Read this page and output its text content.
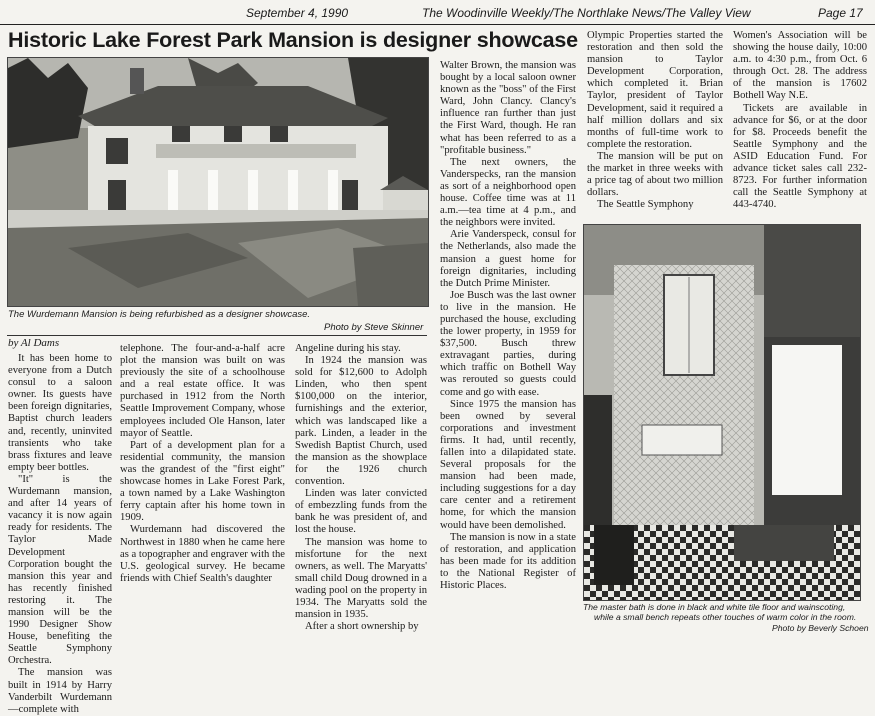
September 4, 1990	The Woodinville Weekly/The Northlake News/The Valley View	Page 17
Historic Lake Forest Park Mansion is designer showcase
The Wurdemann Mansion is being refurbished as a designer showcase.
Photo by Steve Skinner
by Al Dams

It has been home to everyone from a Dutch consul to a saloon owner. Its guests have been foreign dignitaries, Baptist church leaders and, recently, uninvited transients who take brass fixtures and leave empty beer bottles.

"It" is the Wurdemann mansion, and after 14 years of vacancy it is now again ready for residents. The Taylor Made Development Corporation bought the mansion this year and has recently finished restoring it. The mansion will be the 1990 Designer Show House, benefiting the Seattle Symphony Orchestra.

The mansion was built in 1914 by Harry Vanderbilt Wurdemann—complete with

telephone. The four-and-a-half acre plot the mansion was built on was previously the site of a schoolhouse and a real estate office. It was purchased in 1912 from the North Seattle Improvement Company, whose employees included Ole Hanson, later mayor of Seattle.

Part of a development plan for a residential community, the mansion was the grandest of the "first eight" showcase homes in Lake Forest Park, a town named by a Lake Washington ferry captain after his home town in 1909.

Wurdemann had discovered the Northwest in 1880 when he came here as a topographer and engraver with the U.S. geological survey. He became friends with Chief Sealth's daughter

Angeline during his stay.

In 1924 the mansion was sold for $12,600 to Adolph Linden, who then spent $100,000 on the interior, furnishings and the exterior, which was landscaped like a park. Linden, a leader in the Swedish Baptist Church, used the mansion as the showplace for the 1926 church convention.

Linden was later convicted of embezzling funds from the bank he was president of, and lost the house.

The mansion was home to misfortune for the next owners, as well. The Maryatts' small child Doug drowned in a wading pool on the property in 1934. The Maryatts sold the mansion in 1935.

After a short ownership by

Walter Brown, the mansion was bought by a local saloon owner known as the "boss" of the First Ward, John Clancy. Clancy's influence ran further than just the First Ward, though. He ran what has been referred to as a "profitable business."

The next owners, the Vanderspecks, ran the mansion as sort of a neighborhood open house. Coffee time was at 11 a.m.—tea time at 4 p.m., and the neighbors were invited.

Arie Vanderspeck, consul for the Netherlands, also made the mansion a guest home for foreign dignitaries, including the Dutch Prime Minister.

Joe Busch was the last owner to live in the mansion. He purchased the house, excluding the lower property, in 1959 for $37,500. Busch threw extravagant parties, during which traffic on Bothell Way was rerouted so guests could come and go with ease.

Since 1975 the mansion has been owned by several corporations and investment firms. It had, until recently, fallen into a dilapidated state. Several proposals for the mansion had been made, including suggestions for a day care center and a retirement home, for which the mansion would have been demolished.

The mansion is now in a state of restoration, and application has been made for its addition to the National Register of Historic Places.

Olympic Properties started the restoration and then sold the mansion to Taylor Development Corporation, which completed it. Brian Taylor, president of Taylor Development, said it required a half million dollars and six months of full-time work to complete the restoration.

The mansion will be put on the market in three weeks with a price tag of about two million dollars.

The Seattle Symphony

Women's Association will be showing the house daily, 10:00 a.m. to 4:30 p.m., from Oct. 6 through Oct. 28. The address of the mansion is 17602 Bothell Way N.E.

Tickets are available in advance for $6, or at the door for $8. Proceeds benefit the Seattle Symphony and the ASID Education Fund. For advance ticket sales call 232-8723. For further information call the Seattle Symphony at 443-4740.

The master bath is done in black and white tile floor and wainscoting,
while a small bench repeats other touches of warm color in the room.
Photo by Beverly Schoen
